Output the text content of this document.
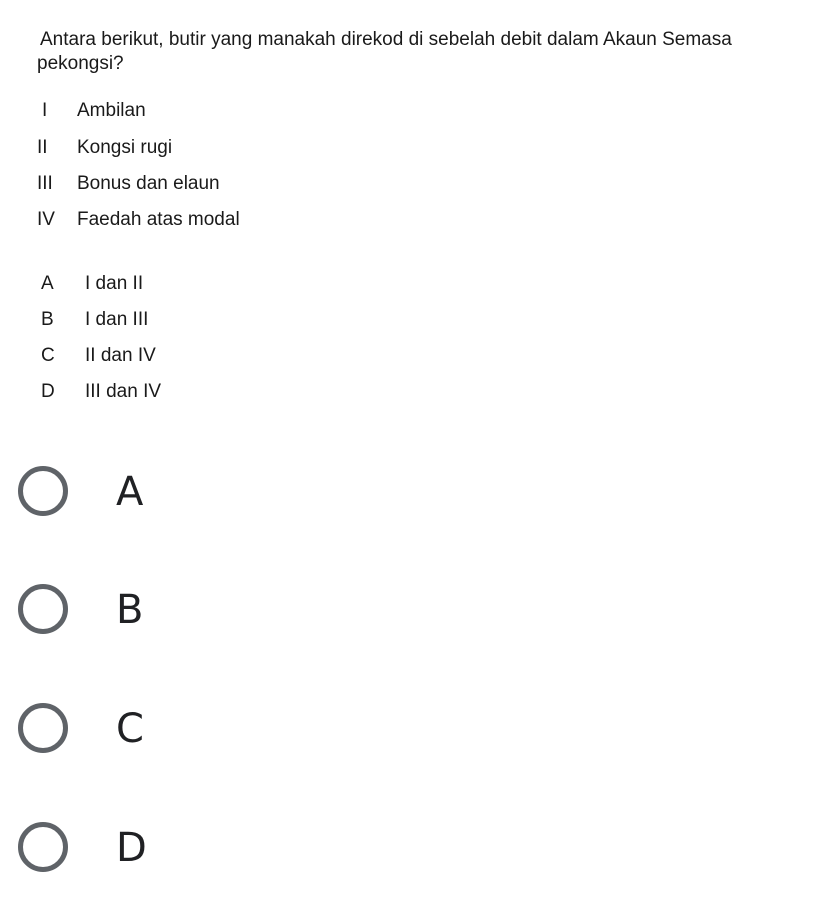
Antara berikut, butir yang manakah direkod di sebelah debit dalam Akaun Semasa
pekongsi?

I Ambilan
II Kongsi rugi
III Bonus dan elaun
IV Faedah atas modal
A I dan II
B I dan III
C II dan IV
D III dan IV
A
B
C
D
